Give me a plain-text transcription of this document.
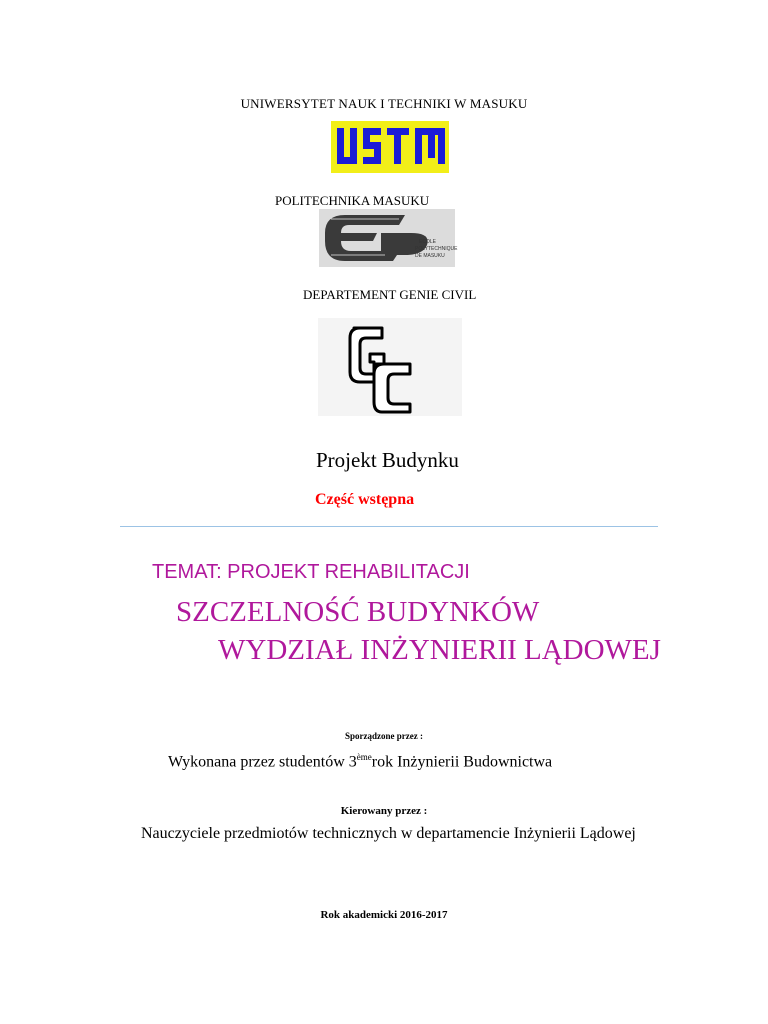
UNIWERSYTET NAUK I TECHNIKI W MASUKU
POLITECHNIKA MASUKU
ECOLE
POLYTECHNIQUE
DE MASUKU
DEPARTEMENT GENIE CIVIL
Projekt Budynku
Część wstępna
TEMAT: PROJEKT REHABILITACJI
SZCZELNOŚĆ BUDYNKÓW
WYDZIAŁ INŻYNIERII LĄDOWEJ
Sporządzone przez :
Wykonana przez studentów 3èmerok Inżynierii Budownictwa
Kierowany przez :
Nauczyciele przedmiotów technicznych w departamencie Inżynierii Lądowej
Rok akademicki 2016-2017
